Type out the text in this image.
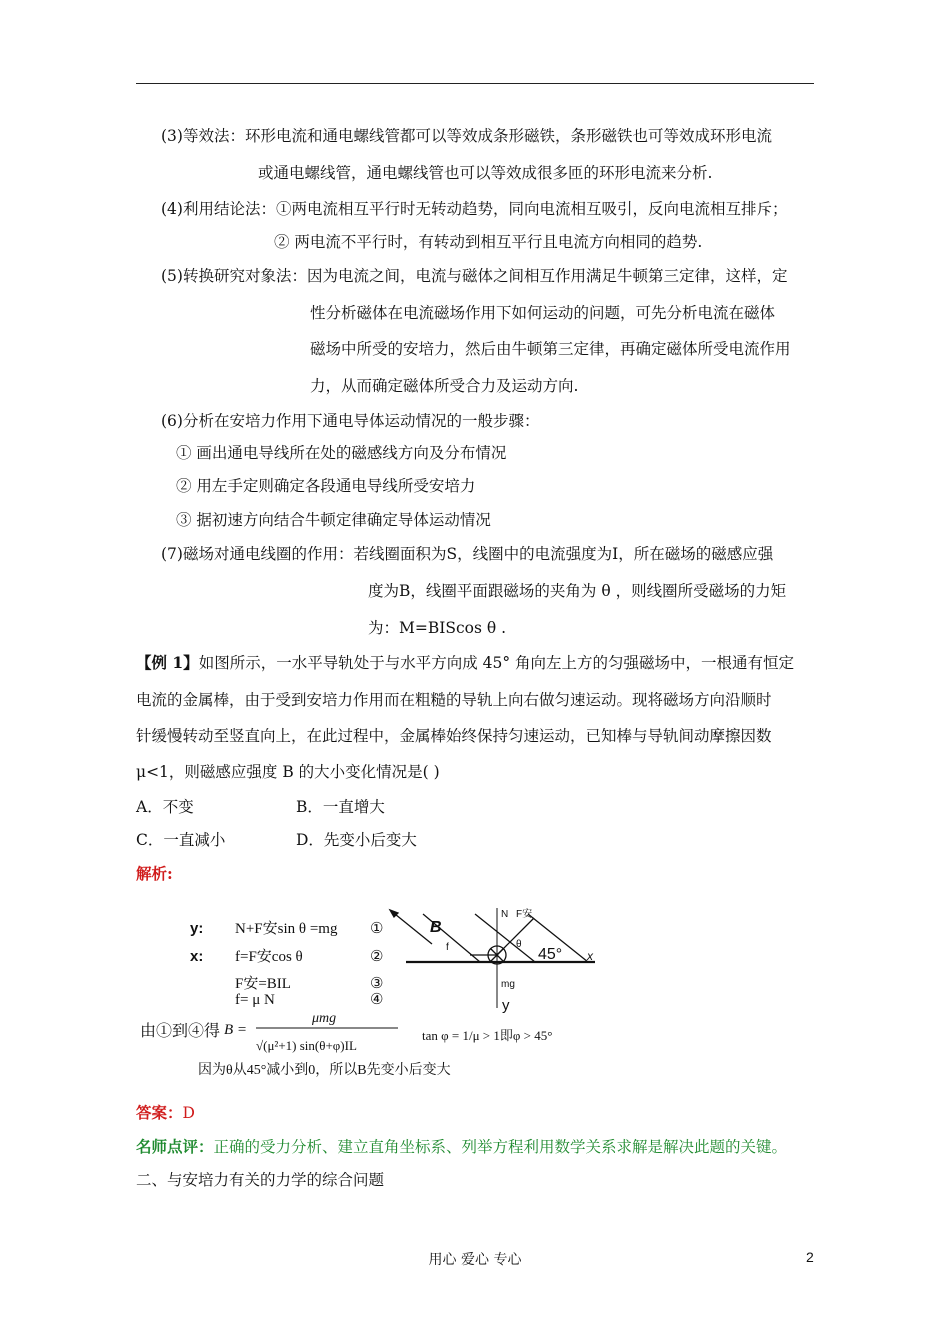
(3)等效法：环形电流和通电螺线管都可以等效成条形磁铁，条形磁铁也可等效成环形电流
或通电螺线管，通电螺线管也可以等效成很多匝的环形电流来分析.
(4)利用结论法：①两电流相互平行时无转动趋势，同向电流相互吸引，反向电流相互排斥；
② 两电流不平行时，有转动到相互平行且电流方向相同的趋势.
(5)转换研究对象法：因为电流之间，电流与磁体之间相互作用满足牛顿第三定律，这样，定
性分析磁体在电流磁场作用下如何运动的问题，可先分析电流在磁体
磁场中所受的安培力，然后由牛顿第三定律，再确定磁体所受电流作用
力，从而确定磁体所受合力及运动方向.
(6)分析在安培力作用下通电导体运动情况的一般步骤：
① 画出通电导线所在处的磁感线方向及分布情况
② 用左手定则确定各段通电导线所受安培力
③ 据初速方向结合牛顿定律确定导体运动情况
(7)磁场对通电线圈的作用：若线圈面积为S，线圈中的电流强度为I，所在磁场的磁感应强
度为B，线圈平面跟磁场的夹角为 θ ，则线圈所受磁场的力矩
为：M=BIScos θ .
【例 1】如图所示，一水平导轨处于与水平方向成 45° 角向左上方的匀强磁场中，一根通有恒定
电流的金属棒，由于受到安培力作用而在粗糙的导轨上向右做匀速运动。现将磁场方向沿顺时
针缓慢转动至竖直向上，在此过程中，金属棒始终保持匀速运动，已知棒与导轨间动摩擦因数
μ<1，则磁感应强度 B 的大小变化情况是( )
A．不变	B．一直增大
C．一直减小	D．先变小后变大
解析:
y:
x:
N+F安sin θ =mg
f=F安cos θ
F安=BIL
f= μ N
①
②
③
④
由①到④得 B =
μmg
√(μ²+1) sin(θ+φ)IL
tan φ = 1/μ > 1即φ > 45°
因为θ从45°减小到0，所以B先变小后变大
B
N F安
f	θ
45°
mg
y
x
答案：D
名师点评：正确的受力分析、建立直角坐标系、列举方程利用数学关系求解是解决此题的关键。
二、与安培力有关的力学的综合问题
用心 爱心 专心	2
